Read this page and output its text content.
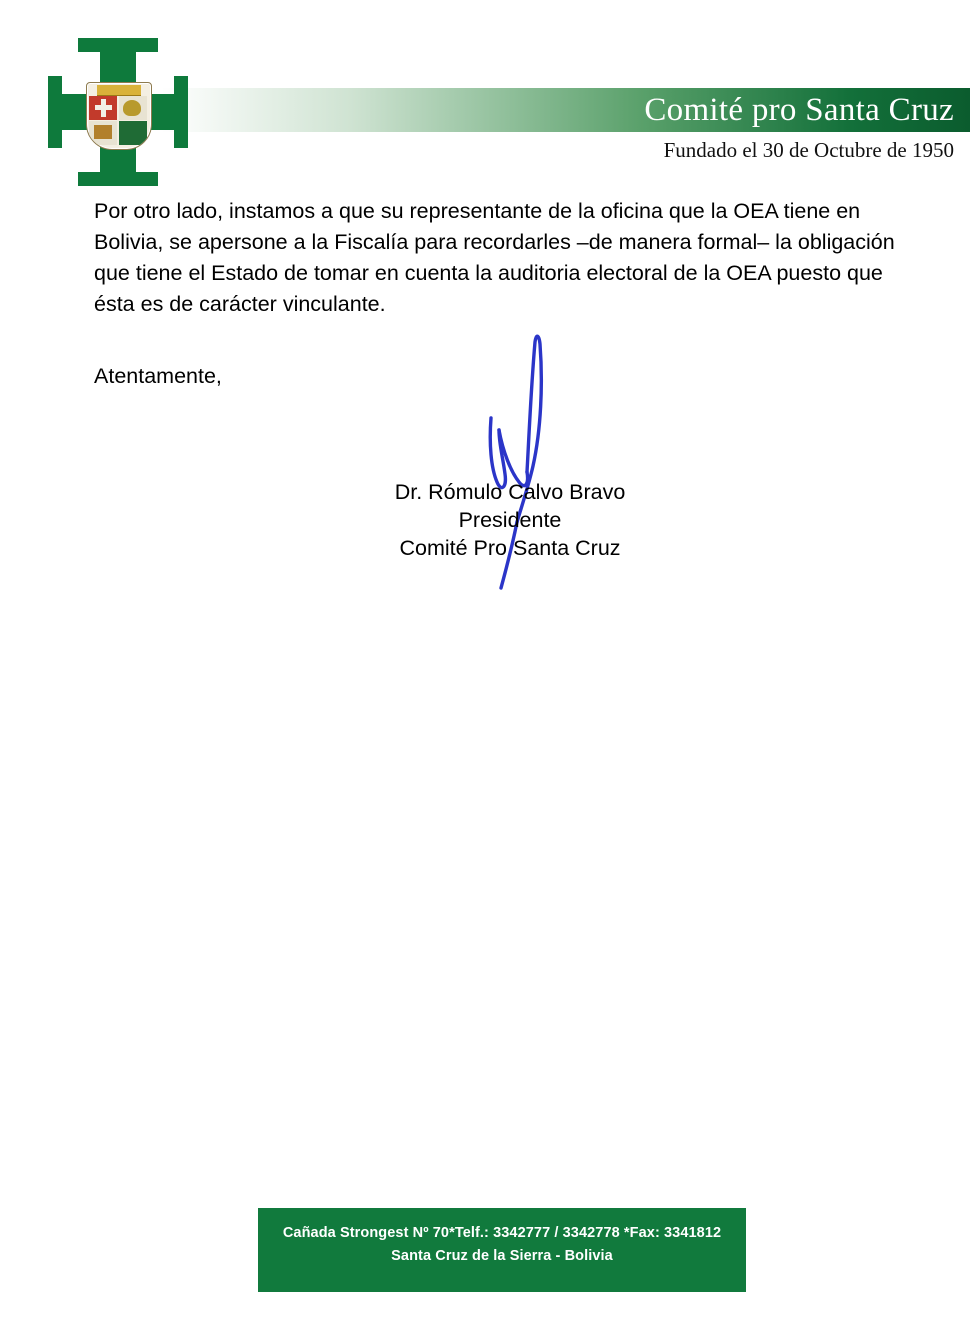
Comité pro Santa Cruz
Fundado el 30 de Octubre de 1950

Por otro lado, instamos a que su representante de la oficina que la OEA tiene en Bolivia, se apersone a la Fiscalía para recordarles –de manera formal– la obligación que tiene el Estado de tomar en cuenta la auditoria electoral de la OEA puesto que ésta es de carácter vinculante.

Atentamente,
Dr. Rómulo Calvo Bravo
Presidente
Comité Pro Santa Cruz
Cañada Strongest Nº 70*Telf.: 3342777 / 3342778 *Fax: 3341812
Santa Cruz de la Sierra - Bolivia
